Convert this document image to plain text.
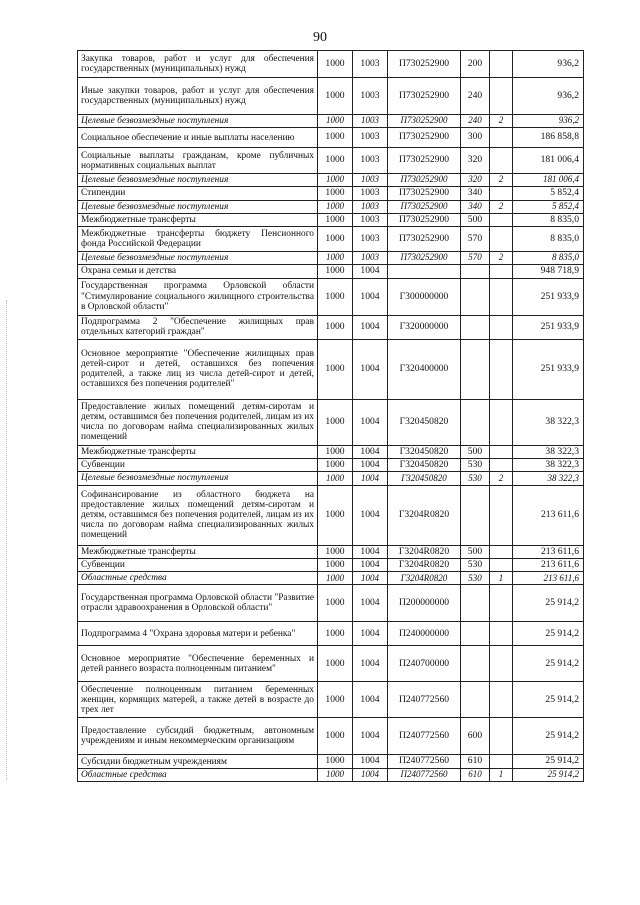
90
Закупка товаров, работ и услуг для обеспечения государственных (муниципальных) нужд	1000	1003	П730252900	200		936,2
Иные закупки товаров, работ и услуг для обеспечения государственных (муниципальных) нужд	1000	1003	П730252900	240		936,2
Целевые безвозмездные поступления	1000	1003	П730252900	240	2	936,2
Социальное обеспечение и иные выплаты населению	1000	1003	П730252900	300		186 858,8
Социальные выплаты гражданам, кроме публичных нормативных социальных выплат	1000	1003	П730252900	320		181 006,4
Целевые безвозмездные поступления	1000	1003	П730252900	320	2	181 006,4
Стипендии	1000	1003	П730252900	340		5 852,4
Целевые безвозмездные поступления	1000	1003	П730252900	340	2	5 852,4
Межбюджетные трансферты	1000	1003	П730252900	500		8 835,0
Межбюджетные трансферты бюджету Пенсионного фонда Российской Федерации	1000	1003	П730252900	570		8 835,0
Целевые безвозмездные поступления	1000	1003	П730252900	570	2	8 835,0
Охрана семьи и детства	1000	1004				948 718,9
Государственная программа Орловской области "Стимулирование социального жилищного строительства в Орловской области"	1000	1004	Г300000000			251 933,9
Подпрограмма 2 "Обеспечение жилищных прав отдельных категорий граждан"	1000	1004	Г320000000			251 933,9
Основное мероприятие "Обеспечение жилищных прав детей-сирот и детей, оставшихся без попечения родителей, а также лиц из числа детей-сирот и детей, оставшихся без попечения родителей"	1000	1004	Г320400000			251 933,9
Предоставление жилых помещений детям-сиротам и детям, оставшимся без попечения родителей, лицам из их числа по договорам найма специализированных жилых помещений	1000	1004	Г320450820			38 322,3
Межбюджетные трансферты	1000	1004	Г320450820	500		38 322,3
Субвенции	1000	1004	Г320450820	530		38 322,3
Целевые безвозмездные поступления	1000	1004	Г320450820	530	2	38 322,3
Софинансирование из областного бюджета на предоставление жилых помещений детям-сиротам и детям, оставшимся без попечения родителей, лицам из их числа по договорам найма специализированных жилых помещений	1000	1004	Г3204R0820			213 611,6
Межбюджетные трансферты	1000	1004	Г3204R0820	500		213 611,6
Субвенции	1000	1004	Г3204R0820	530		213 611,6
Областные средства	1000	1004	Г3204R0820	530	1	213 611,6
Государственная программа Орловской области "Развитие отрасли здравоохранения в Орловской области"	1000	1004	П200000000			25 914,2
Подпрограмма 4 "Охрана здоровья матери и ребенка"	1000	1004	П240000000			25 914,2
Основное мероприятие "Обеспечение беременных и детей раннего возраста полноценным питанием"	1000	1004	П240700000			25 914,2
Обеспечение полноценным питанием беременных женщин, кормящих матерей, а также детей в возрасте до трех лет	1000	1004	П240772560			25 914,2
Предоставление субсидий бюджетным, автономным учреждениям и иным некоммерческим организациям	1000	1004	П240772560	600		25 914,2
Субсидии бюджетным учреждениям	1000	1004	П240772560	610		25 914,2
Областные средства	1000	1004	П240772560	610	1	25 914,2
